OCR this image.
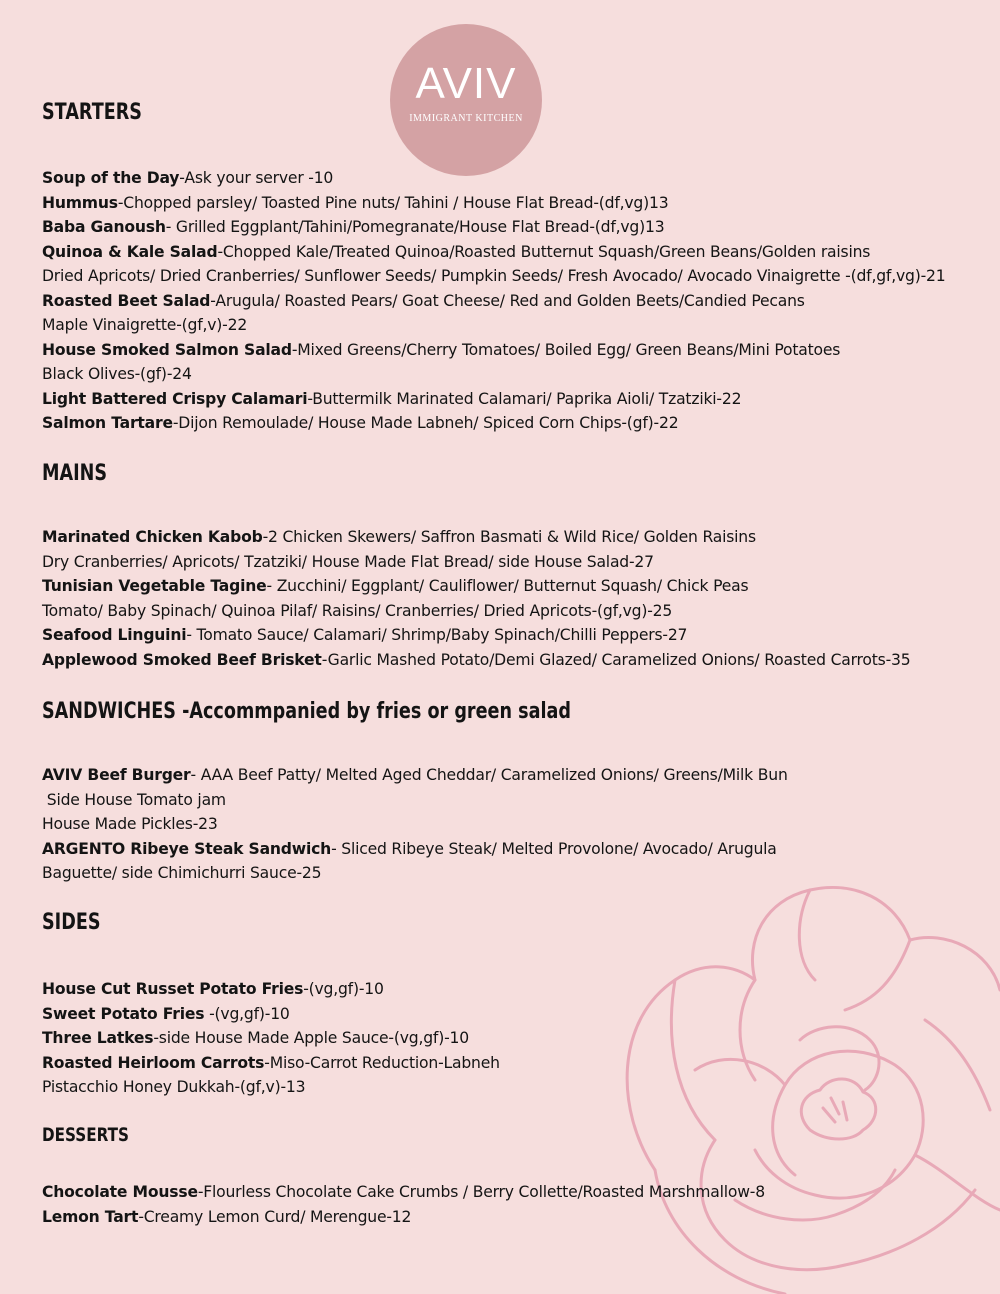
AVIV
IMMIGRANT KITCHEN
STARTERS
Soup of the Day-Ask your server -10
Hummus-Chopped parsley/ Toasted Pine nuts/ Tahini / House Flat Bread-(df,vg)13
Baba Ganoush- Grilled Eggplant/Tahini/Pomegranate/House Flat Bread-(df,vg)13
Quinoa & Kale Salad-Chopped Kale/Treated Quinoa/Roasted Butternut Squash/Green Beans/Golden raisins
Dried Apricots/ Dried Cranberries/ Sunflower Seeds/ Pumpkin Seeds/ Fresh Avocado/ Avocado Vinaigrette -(df,gf,vg)-21
Roasted Beet Salad-Arugula/ Roasted Pears/ Goat Cheese/ Red and Golden Beets/Candied Pecans
Maple Vinaigrette-(gf,v)-22
House Smoked Salmon Salad-Mixed Greens/Cherry Tomatoes/ Boiled Egg/ Green Beans/Mini Potatoes
Black Olives-(gf)-24
Light Battered Crispy Calamari-Buttermilk Marinated Calamari/ Paprika Aioli/ Tzatziki-22
Salmon Tartare-Dijon Remoulade/ House Made Labneh/ Spiced Corn Chips-(gf)-22
MAINS
Marinated Chicken Kabob-2 Chicken Skewers/ Saffron Basmati & Wild Rice/ Golden Raisins
Dry Cranberries/ Apricots/ Tzatziki/ House Made Flat Bread/ side House Salad-27
Tunisian Vegetable Tagine- Zucchini/ Eggplant/ Cauliflower/ Butternut Squash/ Chick Peas
Tomato/ Baby Spinach/ Quinoa Pilaf/ Raisins/ Cranberries/ Dried Apricots-(gf,vg)-25
Seafood Linguini- Tomato Sauce/ Calamari/ Shrimp/Baby Spinach/Chilli Peppers-27
Applewood Smoked Beef Brisket-Garlic Mashed Potato/Demi Glazed/ Caramelized Onions/ Roasted Carrots-35
SANDWICHES -Accommpanied by fries or green salad
AVIV Beef Burger- AAA Beef Patty/ Melted Aged Cheddar/ Caramelized Onions/ Greens/Milk Bun
Side House Tomato jam
House Made Pickles-23
ARGENTO Ribeye Steak Sandwich- Sliced Ribeye Steak/ Melted Provolone/ Avocado/ Arugula
Baguette/ side Chimichurri Sauce-25
SIDES
House Cut Russet Potato Fries-(vg,gf)-10
Sweet Potato Fries -(vg,gf)-10
Three Latkes-side House Made Apple Sauce-(vg,gf)-10
Roasted Heirloom Carrots-Miso-Carrot Reduction-Labneh
Pistacchio Honey Dukkah-(gf,v)-13
DESSERTS
Chocolate Mousse-Flourless Chocolate Cake Crumbs / Berry Collette/Roasted Marshmallow-8
Lemon Tart-Creamy Lemon Curd/ Merengue-12
